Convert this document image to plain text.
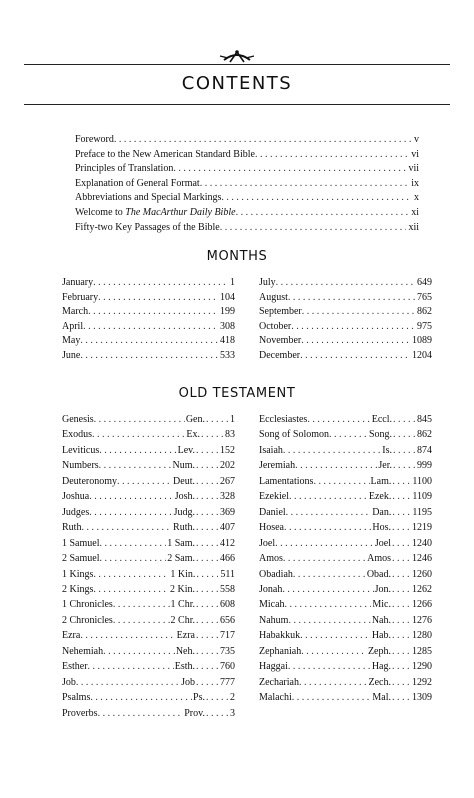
CONTENTS
Foreword . . .	v
Preface to the New American Standard Bible . . .	vi
Principles of Translation . . .	vii
Explanation of General Format . . .	ix
Abbreviations and Special Markings . . .	x
Welcome to The MacArthur Daily Bible . . .	xi
Fifty-two Key Passages of the Bible . . .	xii
MONTHS
January . . .	1
February . . .	104
March . . .	199
April . . .	308
May . . .	418
June . . .	533
July . . .	649
August . . .	765
September . . .	862
October . . .	975
November . . .	1089
December . . .	1204
OLD TESTAMENT
Genesis . . .	Gen. . . .	1
Exodus . . .	Ex. . . .	83
Leviticus . . .	Lev. . . .	152
Numbers . . .	Num. . . .	202
Deuteronomy . . .	Deut. . . .	267
Joshua . . .	Josh. . . .	328
Judges . . .	Judg. . . .	369
Ruth . . .	Ruth. . . .	407
1 Samuel . . .	1 Sam. . . .	412
2 Samuel . . .	2 Sam. . . .	466
1 Kings . . .	1 Kin. . . .	511
2 Kings . . .	2 Kin. . . .	558
1 Chronicles . . .	1 Chr. . . .	608
2 Chronicles . . .	2 Chr. . . .	656
Ezra . . .	Ezra . . .	717
Nehemiah . . .	Neh. . . .	735
Esther . . .	Esth. . . .	760
Job . . .	Job . . .	777
Psalms . . .	Ps. . . .	2
Proverbs . . .	Prov. . . .	3
Ecclesiastes . . .	Eccl. . . .	845
Song of Solomon . . .	Song. . . .	862
Isaiah . . .	Is. . . .	874
Jeremiah . . .	Jer. . . .	999
Lamentations . . .	Lam. . . . 1100
Ezekiel . . .	Ezek. . . . 1109
Daniel . . .	Dan. . . . 1195
Hosea . . .	Hos. . . . 1219
Joel . . .	Joel . . . 1240
Amos . . .	Amos . . . 1246
Obadiah . . .	Obad. . . . 1260
Jonah . . .	Jon. . . . 1262
Micah . . .	Mic. . . . 1266
Nahum . . .	Nah. . . . 1276
Habakkuk . . .	Hab. . . . 1280
Zephaniah . . .	Zeph. . . . 1285
Haggai . . .	Hag. . . . 1290
Zechariah . . .	Zech. . . . 1292
Malachi . . .	Mal. . . . 1309
